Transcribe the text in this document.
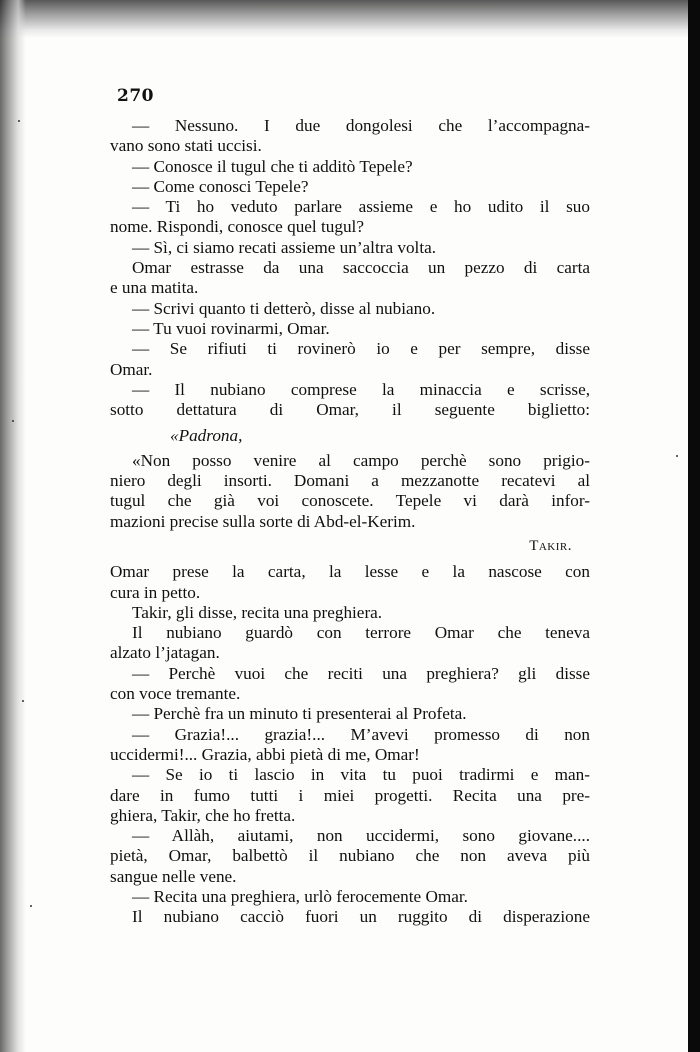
270
— Nessuno. I due dongolesi che l’accompagna-
vano sono stati uccisi.
— Conosce il tugul che ti additò Tepele?
— Come conosci Tepele?
— Ti ho veduto parlare assieme e ho udito il suo
nome. Rispondi, conosce quel tugul?
— Sì, ci siamo recati assieme un’altra volta.
Omar estrasse da una saccoccia un pezzo di carta
e una matita.
— Scrivi quanto ti detterò, disse al nubiano.
— Tu vuoi rovinarmi, Omar.
— Se rifiuti ti rovinerò io e per sempre, disse
Omar.
— Il nubiano comprese la minaccia e scrisse,
sotto dettatura di Omar, il seguente biglietto:
«Padrona,
«Non posso venire al campo perchè sono prigio-
niero degli insorti. Domani a mezzanotte recatevi al
tugul che già voi conoscete. Tepele vi darà infor-
mazioni precise sulla sorte di Abd-el-Kerim.
Takir.
Omar prese la carta, la lesse e la nascose con
cura in petto.
Takir, gli disse, recita una preghiera.
Il nubiano guardò con terrore Omar che teneva
alzato l’jatagan.
— Perchè vuoi che reciti una preghiera? gli disse
con voce tremante.
— Perchè fra un minuto ti presenterai al Profeta.
— Grazia!... grazia!... M’avevi promesso di non
uccidermi!... Grazia, abbi pietà di me, Omar!
— Se io ti lascio in vita tu puoi tradirmi e man-
dare in fumo tutti i miei progetti. Recita una pre-
ghiera, Takir, che ho fretta.
— Allàh, aiutami, non uccidermi, sono giovane....
pietà, Omar, balbettò il nubiano che non aveva più
sangue nelle vene.
— Recita una preghiera, urlò ferocemente Omar.
Il nubiano cacciò fuori un ruggito di disperazione
